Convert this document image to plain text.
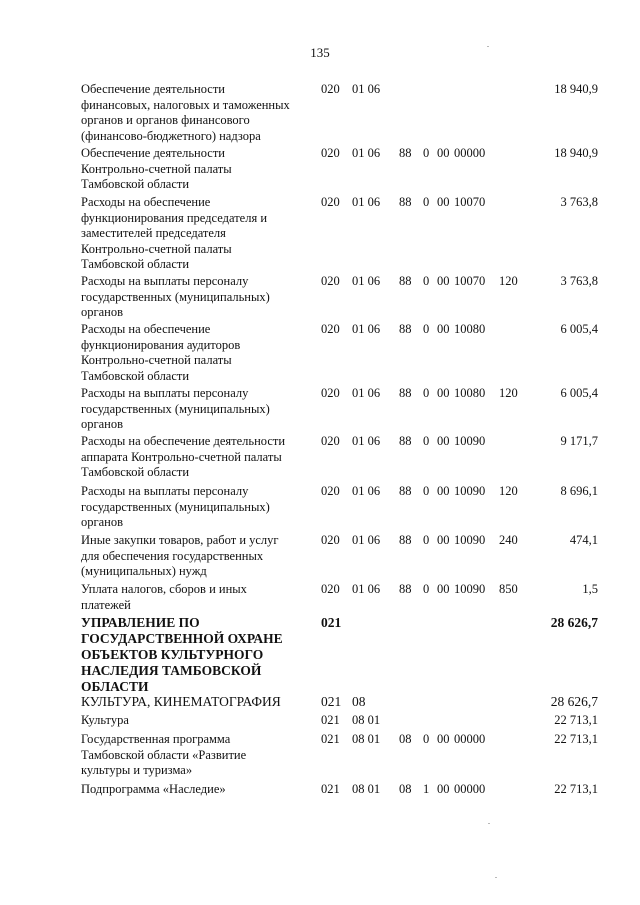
135
Обеспечение деятельности
финансовых, налоговых и таможенных
органов и органов финансового
(финансово-бюджетного) надзора
020 01 06	18 940,9
Обеспечение деятельности
Контрольно-счетной палаты
Тамбовской области
020 01 06 88 0 00 00000	18 940,9
Расходы на обеспечение
функционирования председателя и
заместителей председателя
Контрольно-счетной палаты
Тамбовской области
020 01 06 88 0 00 10070	3 763,8
Расходы на выплаты персоналу
государственных (муниципальных)
органов
020 01 06 88 0 00 10070 120	3 763,8
Расходы на обеспечение
функционирования аудиторов
Контрольно-счетной палаты
Тамбовской области
020 01 06 88 0 00 10080	6 005,4
Расходы на выплаты персоналу
государственных (муниципальных)
органов
020 01 06 88 0 00 10080 120	6 005,4
Расходы на обеспечение деятельности
аппарата Контрольно-счетной палаты
Тамбовской области
020 01 06 88 0 00 10090	9 171,7
Расходы на выплаты персоналу
государственных (муниципальных)
органов
020 01 06 88 0 00 10090 120	8 696,1
Иные закупки товаров, работ и услуг
для обеспечения государственных
(муниципальных) нужд
020 01 06 88 0 00 10090 240	474,1
Уплата налогов, сборов и иных
платежей
020 01 06 88 0 00 10090 850	1,5
УПРАВЛЕНИЕ ПО
ГОСУДАРСТВЕННОЙ ОХРАНЕ
ОБЪЕКТОВ КУЛЬТУРНОГО
НАСЛЕДИЯ ТАМБОВСКОЙ
ОБЛАСТИ
021	28 626,7
КУЛЬТУРА, КИНЕМАТОГРАФИЯ	021 08	28 626,7
Культура	021 08 01	22 713,1
Государственная программа
Тамбовской области «Развитие
культуры и туризма»
021 08 01 08 0 00 00000	22 713,1
Подпрограмма «Наследие»	021 08 01 08 1 00 00000	22 713,1
